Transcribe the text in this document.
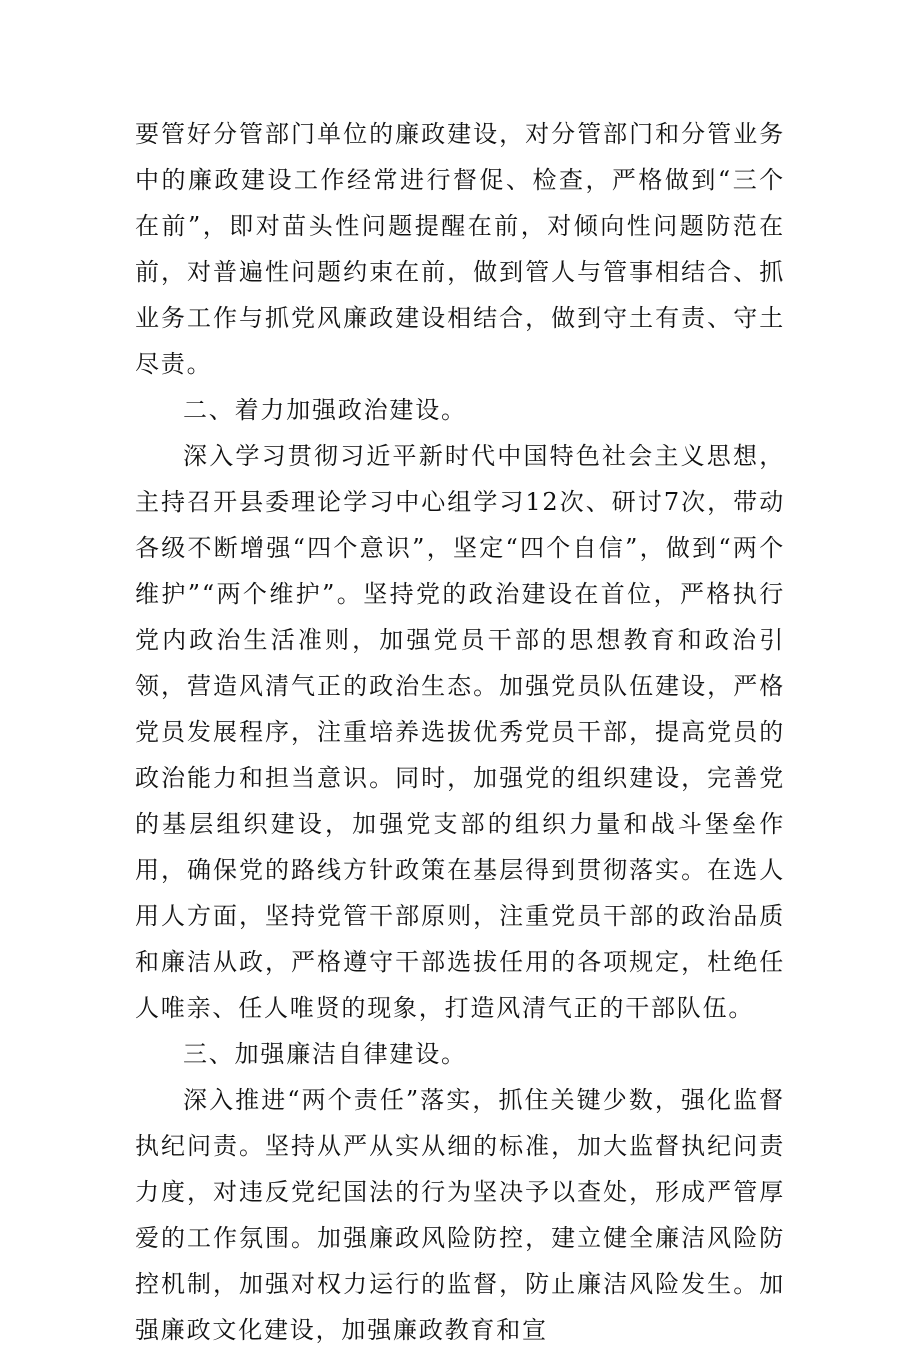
要管好分管部门单位的廉政建设，对分管部门和分管业务中的廉政建设工作经常进行督促、检查，严格做到“三个在前”，即对苗头性问题提醒在前，对倾向性问题防范在前，对普遍性问题约束在前，做到管人与管事相结合、抓业务工作与抓党风廉政建设相结合，做到守土有责、守土尽责。

二、着力加强政治建设。

深入学习贯彻习近平新时代中国特色社会主义思想，主持召开县委理论学习中心组学习12次、研讨7次，带动各级不断增强“四个意识”，坚定“四个自信”，做到“两个维护”“两个维护”。坚持党的政治建设在首位，严格执行党内政治生活准则，加强党员干部的思想教育和政治引领，营造风清气正的政治生态。加强党员队伍建设，严格党员发展程序，注重培养选拔优秀党员干部，提高党员的政治能力和担当意识。同时，加强党的组织建设，完善党的基层组织建设，加强党支部的组织力量和战斗堡垒作用，确保党的路线方针政策在基层得到贯彻落实。在选人用人方面，坚持党管干部原则，注重党员干部的政治品质和廉洁从政，严格遵守干部选拔任用的各项规定，杜绝任人唯亲、任人唯贤的现象，打造风清气正的干部队伍。

三、加强廉洁自律建设。

深入推进“两个责任”落实，抓住关键少数，强化监督执纪问责。坚持从严从实从细的标准，加大监督执纪问责力度，对违反党纪国法的行为坚决予以查处，形成严管厚爱的工作氛围。加强廉政风险防控，建立健全廉洁风险防控机制，加强对权力运行的监督，防止廉洁风险发生。加强廉政文化建设，加强廉政教育和宣
